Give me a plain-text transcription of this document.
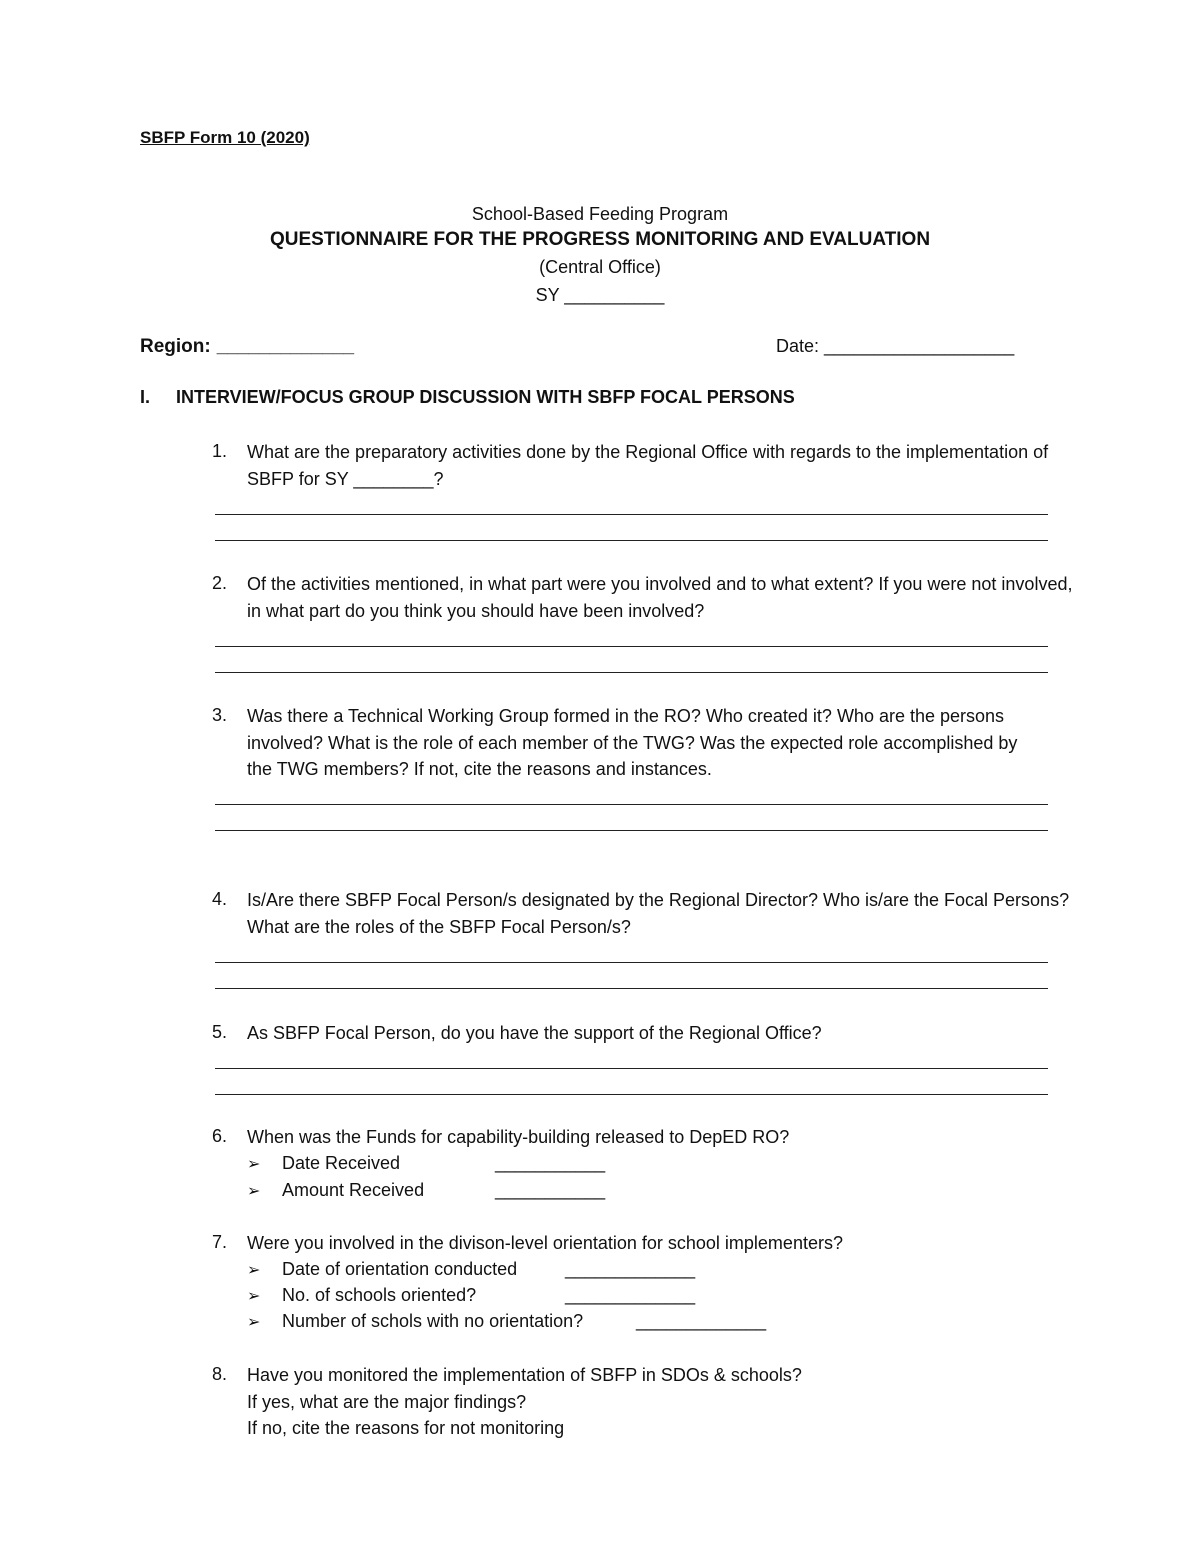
SBFP Form 10 (2020)
School-Based Feeding Program
QUESTIONNAIRE FOR THE PROGRESS MONITORING AND EVALUATION
(Central Office)
SY __________
Region: _____________	Date: ___________________
I. INTERVIEW/FOCUS GROUP DISCUSSION WITH SBFP FOCAL PERSONS
1. What are the preparatory activities done by the Regional Office with regards to the implementation of SBFP for SY ________?
2. Of the activities mentioned, in what part were you involved and to what extent? If you were not involved, in what part do you think you should have been involved?
3. Was there a Technical Working Group formed in the RO? Who created it? Who are the persons involved? What is the role of each member of the TWG? Was the expected role accomplished by the TWG members? If not, cite the reasons and instances.
4. Is/Are there SBFP Focal Person/s designated by the Regional Director? Who is/are the Focal Persons? What are the roles of the SBFP Focal Person/s?
5. As SBFP Focal Person, do you have the support of the Regional Office?
6. When was the Funds for capability-building released to DepED RO?
➢ Date Received	___________
➢ Amount Received	___________
7. Were you involved in the divison-level orientation for school implementers?
➢ Date of orientation conducted	_____________
➢ No. of schools oriented?	_____________
➢ Number of schols with no orientation?	_____________
8. Have you monitored the implementation of SBFP in SDOs & schools?
If yes, what are the major findings?
If no, cite the reasons for not monitoring
